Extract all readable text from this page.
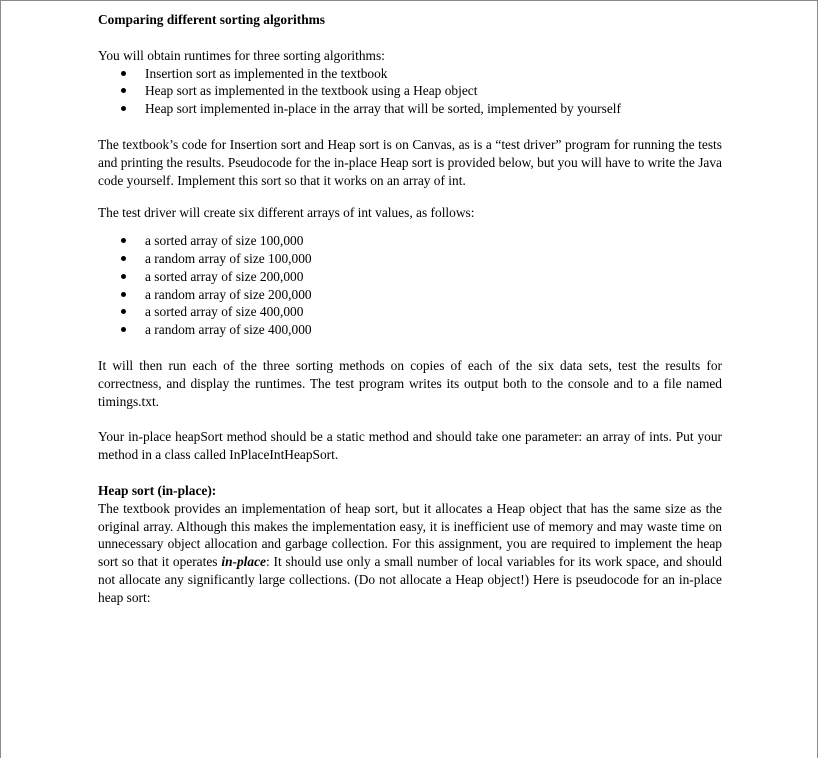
Comparing different sorting algorithms

You will obtain runtimes for three sorting algorithms:

Insertion sort as implemented in the textbook
Heap sort as implemented in the textbook using a Heap object
Heap sort implemented in-place in the array that will be sorted, implemented by yourself

The textbook’s code for Insertion sort and Heap sort is on Canvas, as is a “test driver” program for running the tests and printing the results. Pseudocode for the in-place Heap sort is provided below, but you will have to write the Java code yourself. Implement this sort so that it works on an array of int.

The test driver will create six different arrays of int values, as follows:

a sorted array of size 100,000
a random array of size 100,000
a sorted array of size 200,000
a random array of size 200,000
a sorted array of size 400,000
a random array of size 400,000

It will then run each of the three sorting methods on copies of each of the six data sets, test the results for correctness, and display the runtimes. The test program writes its output both to the console and to a file named timings.txt.

Your in-place heapSort method should be a static method and should take one parameter: an array of ints. Put your method in a class called InPlaceIntHeapSort.

Heap sort (in-place):

The textbook provides an implementation of heap sort, but it allocates a Heap object that has the same size as the original array. Although this makes the implementation easy, it is inefficient use of memory and may waste time on unnecessary object allocation and garbage collection. For this assignment, you are required to implement the heap sort so that it operates in-place: It should use only a small number of local variables for its work space, and should not allocate any significantly large collections. (Do not allocate a Heap object!) Here is pseudocode for an in-place heap sort:
